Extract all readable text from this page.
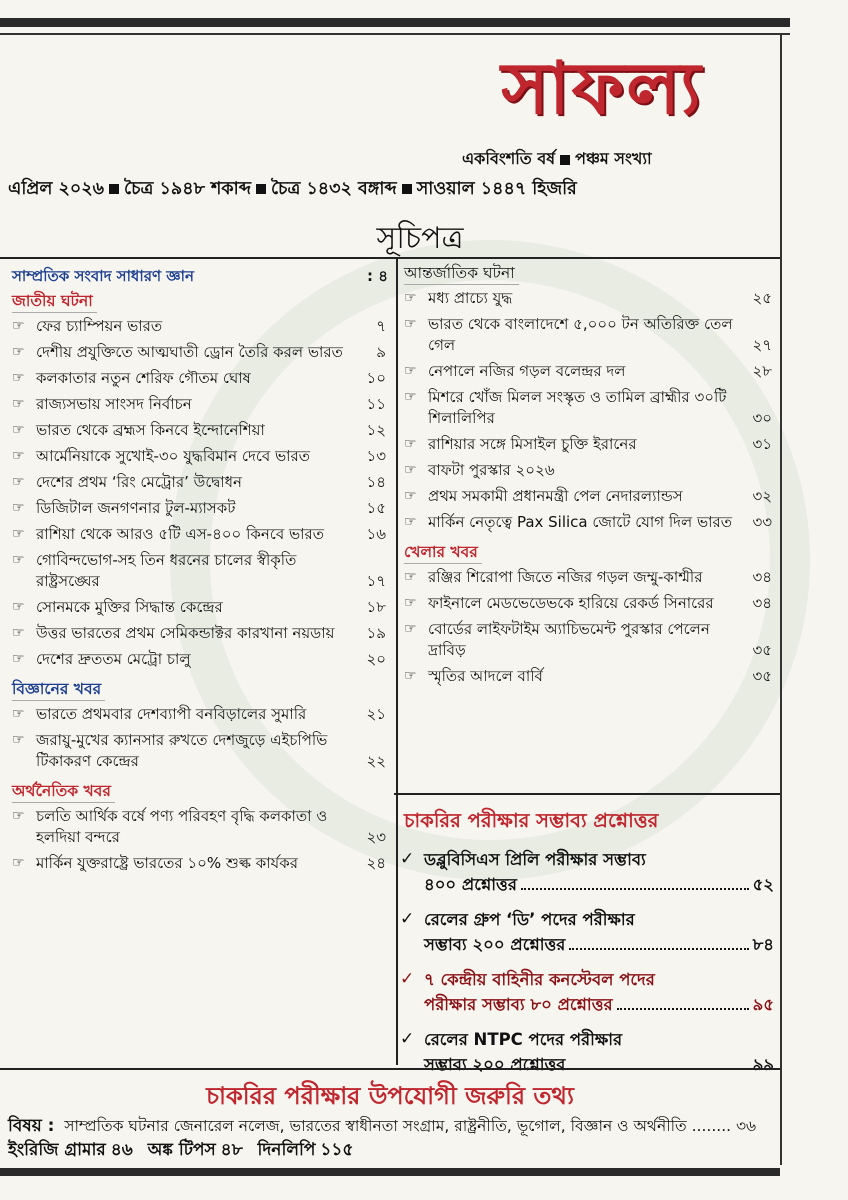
সাফল্য
একবিংশতি বর্ষ পঞ্চম সংখ্যা
এপ্রিল ২০২৬ চৈত্র ১৯৪৮ শকাব্দ চৈত্র ১৪৩২ বঙ্গাব্দ সাওয়াল ১৪৪৭ হিজরি
সূচিপত্র
সাম্প্রতিক সংবাদ সাধারণ জ্ঞান	: ৪
জাতীয় ঘটনা
☞ ফের চ্যাম্পিয়ন ভারত	৭
☞ দেশীয় প্রযুক্তিতে আত্মঘাতী ড্রোন তৈরি করল ভারত ৯
☞ কলকাতার নতুন শেরিফ গৌতম ঘোষ	১০
☞ রাজ্যসভায় সাংসদ নির্বাচন	১১
☞ ভারত থেকে ব্রহ্মস কিনবে ইন্দোনেশিয়া	১২
☞ আর্মেনিয়াকে সুখোই-৩০ যুদ্ধবিমান দেবে ভারত	১৩
☞ দেশের প্রথম ‘রিং মেট্রোর’ উদ্বোধন	১৪
☞ ডিজিটাল জনগণনার টুল-ম্যাসকট	১৫
☞ রাশিয়া থেকে আরও ৫টি এস-৪০০ কিনবে ভারত	১৬
☞ গোবিন্দভোগ-সহ তিন ধরনের চালের স্বীকৃতি রাষ্ট্রসঙ্ঘের	১৭
☞ সোনমকে মুক্তির সিদ্ধান্ত কেন্দ্রের	১৮
☞ উত্তর ভারতের প্রথম সেমিকন্ডাক্টর কারখানা নয়ডায় ১৯
☞ দেশের দ্রুততম মেট্রো চালু	২০
বিজ্ঞানের খবর
☞ ভারতে প্রথমবার দেশব্যাপী বনবিড়ালের সুমারি	২১
☞ জরায়ু-মুখের ক্যানসার রুখতে দেশজুড়ে এইচপিভি টিকাকরণ কেন্দ্রের	২২
অর্থনৈতিক খবর
☞ চলতি আর্থিক বর্ষে পণ্য পরিবহণ বৃদ্ধি কলকাতা ও হলদিয়া বন্দরে	২৩
☞ মার্কিন যুক্তরাষ্ট্রে ভারতের ১০% শুল্ক কার্যকর	২৪
আন্তর্জাতিক ঘটনা
☞ মধ্য প্রাচ্যে যুদ্ধ	২৫
☞ ভারত থেকে বাংলাদেশে ৫,০০০ টন অতিরিক্ত তেল গেল	২৭
☞ নেপালে নজির গড়ল বলেন্দ্রর দল	২৮
☞ মিশরে খোঁজ মিলল সংস্কৃত ও তামিল ব্রাহ্মীর ৩০টি শিলালিপির	৩০
☞ রাশিয়ার সঙ্গে মিসাইল চুক্তি ইরানের	৩১
☞ বাফটা পুরস্কার ২০২৬
☞ প্রথম সমকামী প্রধানমন্ত্রী পেল নেদারল্যান্ডস	৩২
☞ মার্কিন নেতৃত্বে Pax Silica জোটে যোগ দিল ভারত ৩৩
খেলার খবর
☞ রঞ্জির শিরোপা জিতে নজির গড়ল জম্মু-কাশ্মীর	৩৪
☞ ফাইনালে মেডভেডেভকে হারিয়ে রেকর্ড সিনারের	৩৪
☞ বোর্ডের লাইফটাইম অ্যাচিভমেন্ট পুরস্কার পেলেন দ্রাবিড়	৩৫
☞ স্মৃতির আদলে বার্বি	৩৫
চাকরির পরীক্ষার সম্ভাব্য প্রশ্নোত্তর
✓ ডব্লুবিসিএস প্রিলি পরীক্ষার সম্ভাব্য
৪০০ প্রশ্নোত্তর	৫২
✓ রেলের গ্রুপ ‘ডি’ পদের পরীক্ষার
সম্ভাব্য ২০০ প্রশ্নোত্তর	৮৪
✓ ৭ কেন্দ্রীয় বাহিনীর কনস্টেবল পদের
পরীক্ষার সম্ভাব্য ৮০ প্রশ্নোত্তর	৯৫
✓ রেলের NTPC পদের পরীক্ষার
সম্ভাব্য ২০০ প্রশ্নোত্তর	৯৯
চাকরির পরীক্ষার উপযোগী জরুরি তথ্য
বিষয় : সাম্প্রতিক ঘটনার জেনারেল নলেজ, ভারতের স্বাধীনতা সংগ্রাম, রাষ্ট্রনীতি, ভূগোল, বিজ্ঞান ও অর্থনীতি ........ ৩৬   ইংরিজি গ্রামার ৪৬ অঙ্ক টিপস ৪৮ দিনলিপি ১১৫
